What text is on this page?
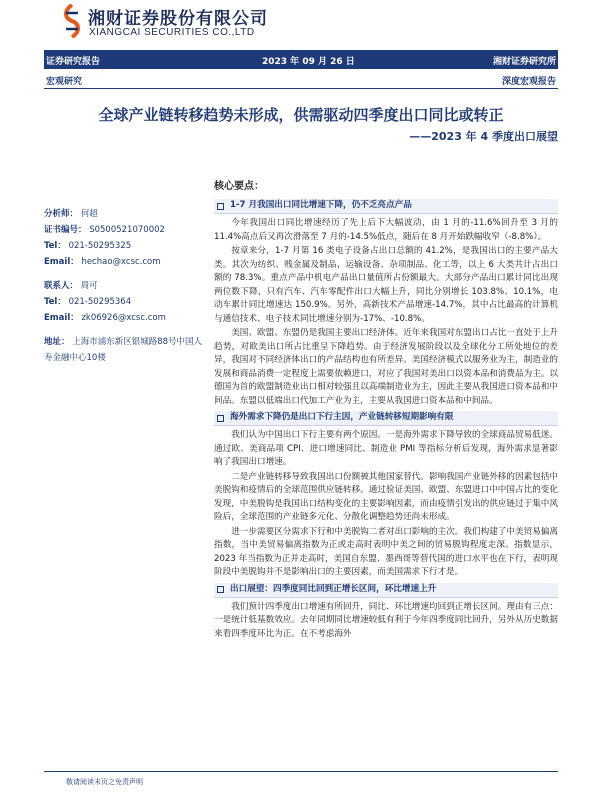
湘财证券股份有限公司
XIANGCAI SECURITIES CO.,LTD
证券研究报告	2023 年 09 月 26 日	湘财证券研究所
宏观研究	深度宏观报告
全球产业链转移趋势未形成，供需驱动四季度出口同比或转正
——2023 年 4 季度出口展望
核心要点：
分析师： 何超
证书编号： S0500521070002
Tel： 021-50295325
Email： hechao@xcsc.com
联系人： 周可
Tel： 021-50295364
Email： zk06926@xcsc.com
地址： 上海市浦东新区银城路88号中国人寿金融中心10楼
1-7 月我国出口同比增速下降，仍不乏亮点产品

今年我国出口同比增速经历了先上后下大幅波动，由 1 月的-11.6%回升至 3 月的 11.4%高点后又再次滑落至 7 月的-14.5%低点，随后在 8 月开始跌幅收窄（-8.8%）。

按章来分，1-7 月第 16 类电子设备占出口总额的 41.2%，是我国出口的主要产品大类。其次为纺织、贱金属及制品、运输设备、杂项制品、化工等，以上 6 大类共计占出口额的 78.3%。重点产品中机电产品出口量值所占份额最大。大部分产品出口累计同比出现两位数下降，只有汽车、汽车零配件出口大幅上升，同比分别增长 103.8%、10.1%，电动车累计同比增速达 150.9%。另外，高新技术产品增速-14.7%，其中占比最高的计算机与通信技术、电子技术同比增速分别为-17%、-10.8%。

美国、欧盟、东盟仍是我国主要出口经济体。近年来我国对东盟出口占比一直处于上升趋势，对欧美出口所占比重呈下降趋势。由于经济发展阶段以及全球化分工所处地位的差异，我国对不同经济体出口的产品结构也有所差异。美国经济模式以服务业为主，制造业的发展和商品消费一定程度上需要依赖进口，对应了我国对美出口以资本品和消费品为主。以德国为首的欧盟制造业出口相对较强且以高端制造业为主，因此主要从我国进口资本品和中间品。东盟以低端出口代加工产业为主，主要从我国进口资本品和中间品。

海外需求下降仍是出口下行主因，产业链转移短期影响有限

我们认为中国出口下行主要有两个原因。一是海外需求下降导致的全球商品贸易低迷。通过欧、美商品项 CPI、进口增速同比、制造业 PMI 等指标分析后发现，海外需求显著影响了我国出口增速。

二是产业链转移导致我国出口份额被其他国家替代。影响我国产业链外移的因素包括中美脱钩和疫情后的全球范围供应链转移。通过验证美国、欧盟、东盟进口中中国占比的变化发现，中美脱钩是我国出口结构变化的主要影响因素，而由疫情引发出的供应链过于集中风险后，全球范围的产业链多元化、分散化调整趋势还尚未形成。

进一步需要区分需求下行和中美脱钩二者对出口影响的主次。我们构建了中美贸易偏离指数，当中美贸易偏离指数为正或走高时表明中美之间的贸易脱钩程度走深。指数显示，2023 年当指数为正并走高时，美国自东盟、墨西哥等替代国的进口水平也在下行，表明现阶段中美脱钩并不是影响出口的主要因素，而美国需求下行才是。

出口展望：四季度同比回到正增长区间，环比增速上升

我们预计四季度出口增速有所回升，同比、环比增速均回到正增长区间。理由有三点：一是统计低基数效应。去年同期同比增速较低有利于今年四季度同比回升，另外从历史数据来看四季度环比为正。在不考虑海外

敬请阅读末页之免责声明
